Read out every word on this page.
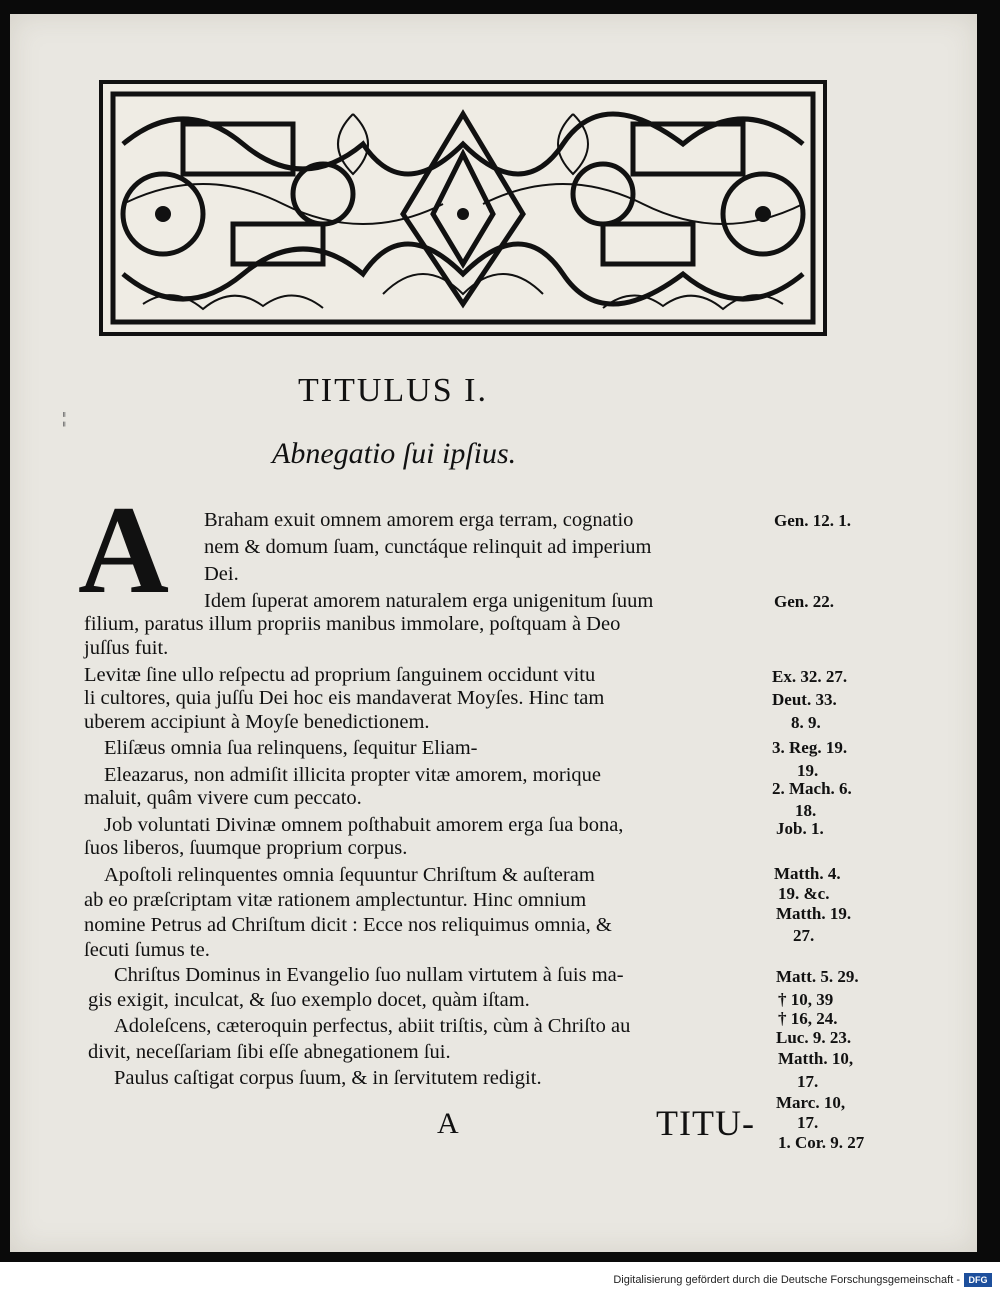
¦¦
TITULUS I.
Abnegatio ſui ipſius.
A Braham exuit omnem amorem erga terram, cognatio
nem & domum ſuam, cunctáque relinquit ad imperium
Dei.
Idem ſuperat amorem naturalem erga unigenitum ſuum
filium, paratus illum propriis manibus immolare, poſtquam à Deo
juſſus fuit.
Levitæ ſine ullo reſpectu ad proprium ſanguinem occidunt vitu
li cultores, quia juſſu Dei hoc eis mandaverat Moyſes. Hinc tam
uberem accipiunt à Moyſe benedictionem.
Eliſæus omnia ſua relinquens, ſequitur Eliam-
Eleazarus, non admiſit illicita propter vitæ amorem, morique
maluit, quâm vivere cum peccato.
Job voluntati Divinæ omnem poſthabuit amorem erga ſua bona,
ſuos liberos, ſuumque proprium corpus.
Apoſtoli relinquentes omnia ſequuntur Chriſtum & auſteram
ab eo præſcriptam vitæ rationem amplectuntur. Hinc omnium
nomine Petrus ad Chriſtum dicit : Ecce nos reliquimus omnia, &
ſecuti ſumus te.
Chriſtus Dominus in Evangelio ſuo nullam virtutem à ſuis ma-
gis exigit, inculcat, & ſuo exemplo docet, quàm iſtam.
Adoleſcens, cæteroquin perfectus, abiit triſtis, cùm à Chriſto au
divit, neceſſariam ſibi eſſe abnegationem ſui.
Paulus caſtigat corpus ſuum, & in ſervitutem redigit.
Gen. 12. 1.
Gen. 22.
Ex. 32. 27.
Deut. 33.
8. 9.
3. Reg. 19.
19.
2. Mach. 6.
18.
Job. 1.
Matth. 4.
19. &c.
Matth. 19.
27.
Matt. 5. 29.
† 10, 39
† 16, 24.
Luc. 9. 23.
Matth. 10,
17.
Marc. 10,
17.
1. Cor. 9. 27
A	TITU-
Digitalisierung gefördert durch die Deutsche Forschungsgemeinschaft - DFG
